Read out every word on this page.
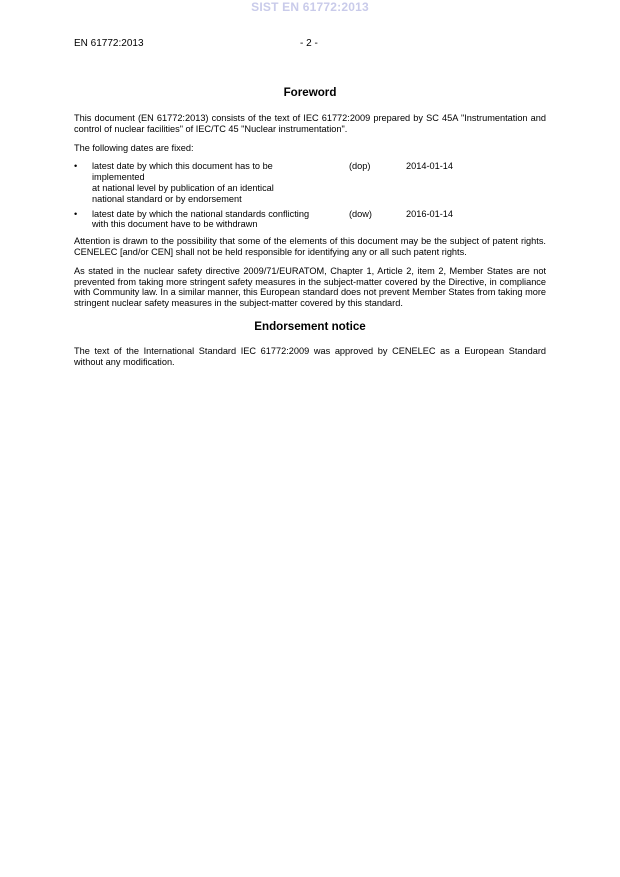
SIST EN 61772:2013
EN 61772:2013	- 2 -
Foreword

This document (EN 61772:2013) consists of the text of IEC 61772:2009 prepared by SC 45A "Instrumentation and control of nuclear facilities" of IEC/TC 45 "Nuclear instrumentation".

The following dates are fixed:

•	latest date by which this document has to be
implemented
at national level by publication of an identical
national standard or by endorsement
(dop)	2014-01-14
•	latest date by which the national standards conflicting
with this document have to be withdrawn
(dow)	2016-01-14

Attention is drawn to the possibility that some of the elements of this document may be the subject of patent rights. CENELEC [and/or CEN] shall not be held responsible for identifying any or all such patent rights.

As stated in the nuclear safety directive 2009/71/EURATOM, Chapter 1, Article 2, item 2, Member States are not prevented from taking more stringent safety measures in the subject-matter covered by the Directive, in compliance with Community law. In a similar manner, this European standard does not prevent Member States from taking more stringent nuclear safety measures in the subject-matter covered by this standard.

Endorsement notice

The text of the International Standard IEC 61772:2009 was approved by CENELEC as a European Standard without any modification.
